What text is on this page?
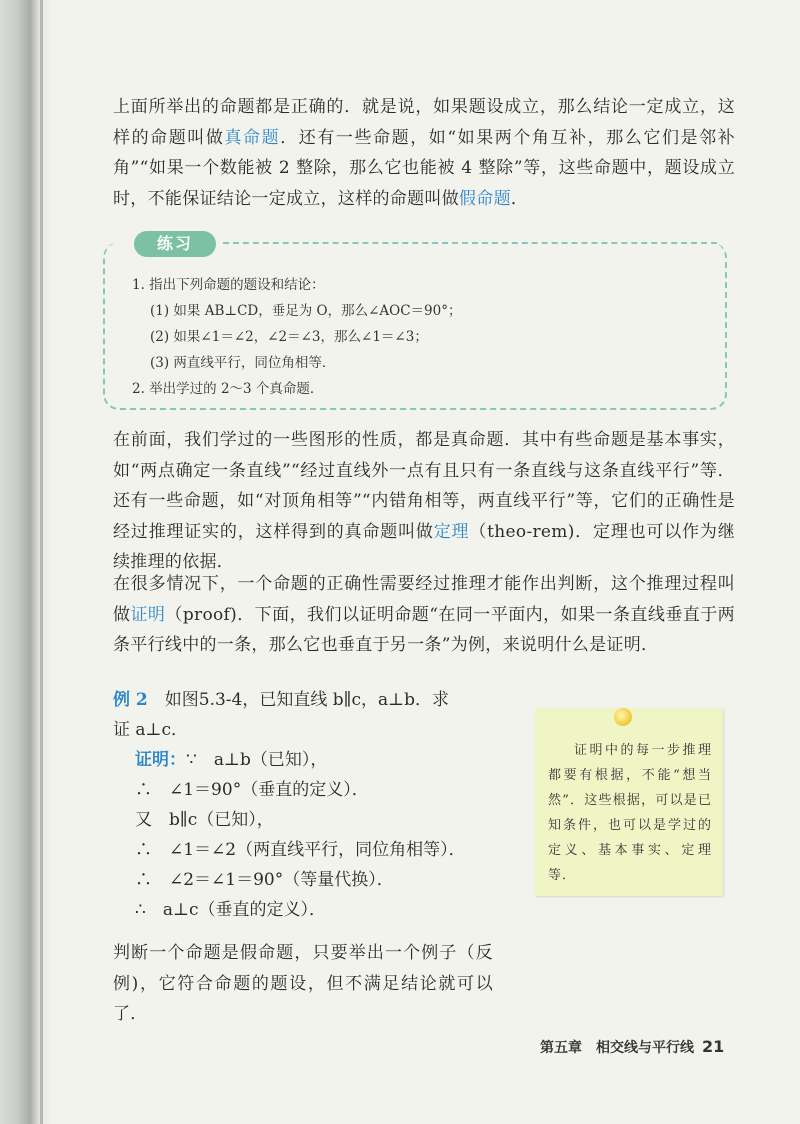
上面所举出的命题都是正确的．就是说，如果题设成立，那么结论一定成立，这样的命题叫做真命题．还有一些命题，如“如果两个角互补，那么它们是邻补角”“如果一个数能被 2 整除，那么它也能被 4 整除”等，这些命题中，题设成立时，不能保证结论一定成立，这样的命题叫做假命题．

练习
1. 指出下列命题的题设和结论：
(1) 如果 AB⊥CD，垂足为 O，那么∠AOC＝90°；
(2) 如果∠1＝∠2，∠2＝∠3，那么∠1＝∠3；
(3) 两直线平行，同位角相等．
2. 举出学过的 2～3 个真命题．

在前面，我们学过的一些图形的性质，都是真命题．其中有些命题是基本事实，如“两点确定一条直线”“经过直线外一点有且只有一条直线与这条直线平行”等．还有一些命题，如“对顶角相等”“内错角相等，两直线平行”等，它们的正确性是经过推理证实的，这样得到的真命题叫做定理（theo-rem)．定理也可以作为继续推理的依据．

在很多情况下，一个命题的正确性需要经过推理才能作出判断，这个推理过程叫做证明（proof)．下面，我们以证明命题“在同一平面内，如果一条直线垂直于两条平行线中的一条，那么它也垂直于另一条”为例，来说明什么是证明．

例 2　 如图5.3-4，已知直线 b∥c，a⊥b．求
证 a⊥c．
证明：∵　a⊥b（已知），
∴　∠1＝90°（垂直的定义）．
又　b∥c（已知），
∴　∠1＝∠2（两直线平行，同位角相等）．
∴　∠2＝∠1＝90°（等量代换）．
∴　a⊥c（垂直的定义）．
证明中的每一步推理都要有根据，不能“想当然”．这些根据，可以是已知条件，也可以是学过的定义、基本事实、定理等．

判断一个命题是假命题，只要举出一个例子（反例)，它符合命题的题设，但不满足结论就可以了．

第五章　相交线与平行线 21
